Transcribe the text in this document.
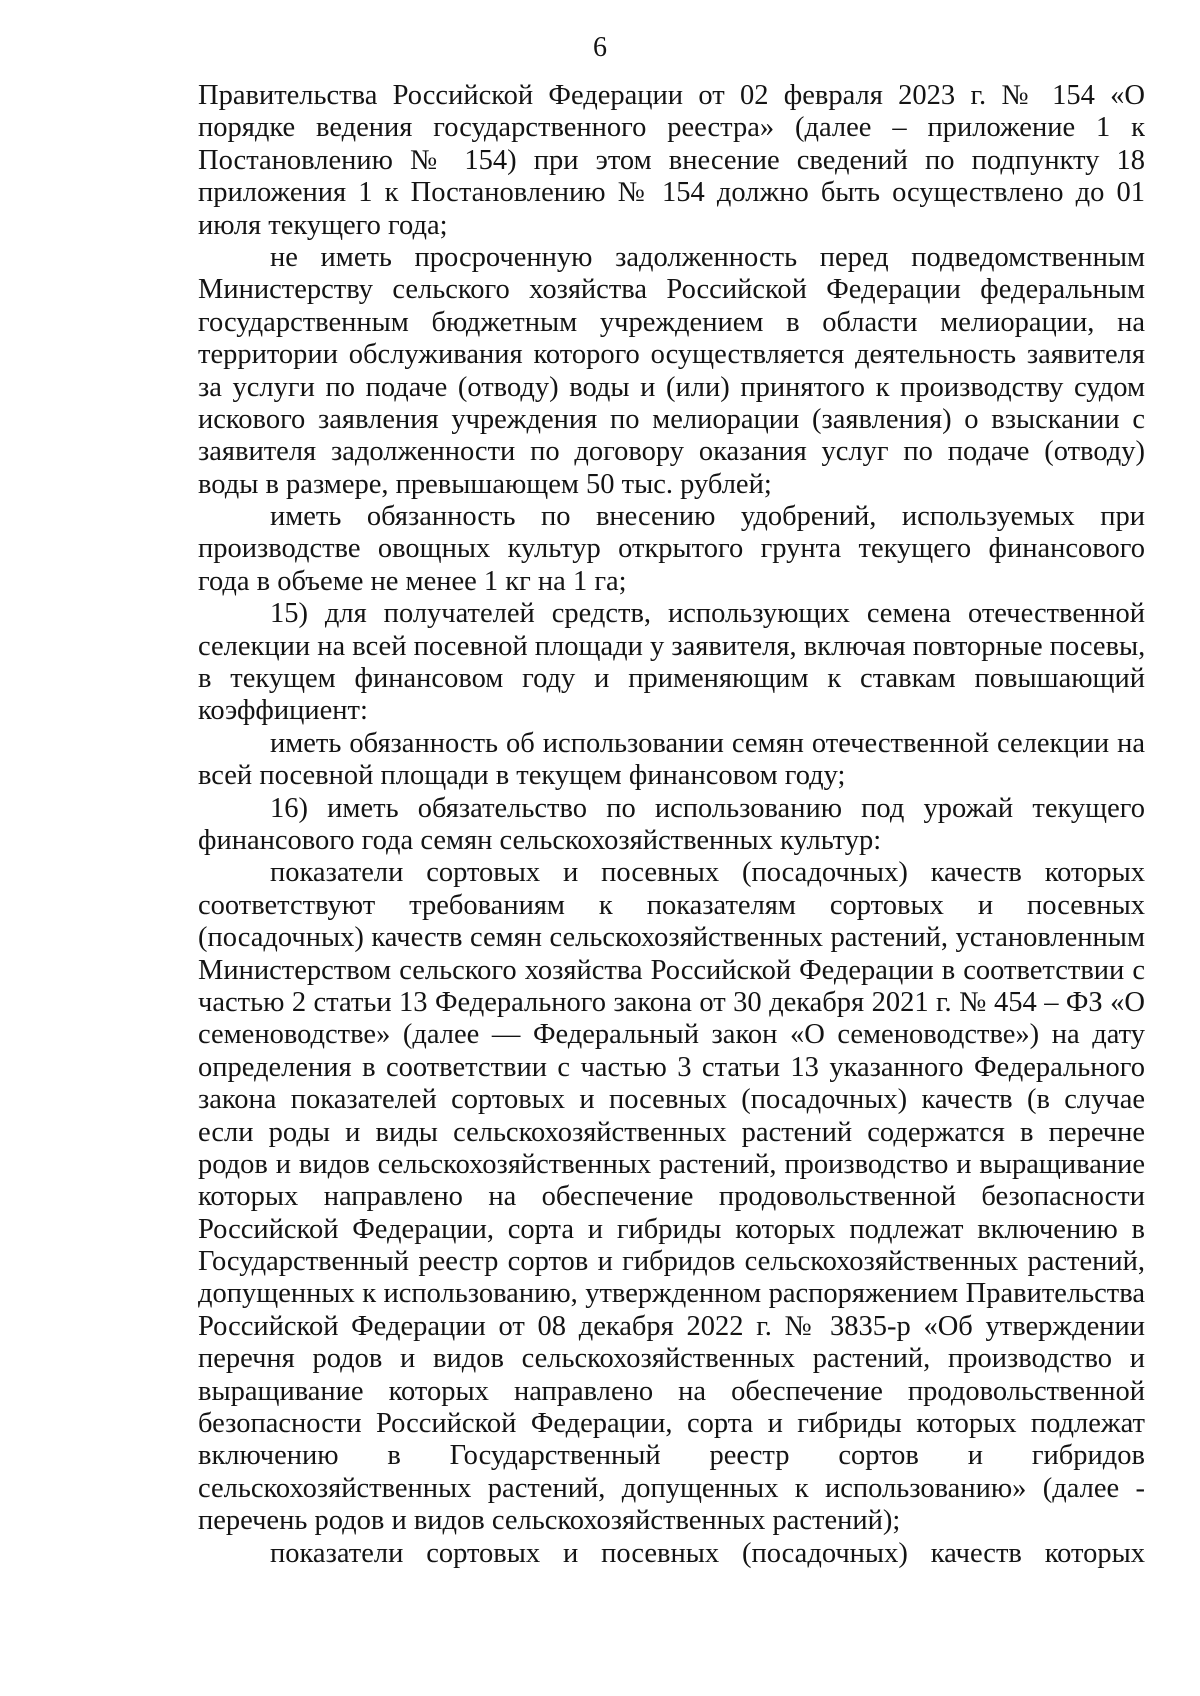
6
Правительства Российской Федерации от 02 февраля 2023 г. № 154 «О
порядке ведения государственного реестра» (далее – приложение 1 к
Постановлению № 154) при этом внесение сведений по подпункту 18
приложения 1 к Постановлению № 154 должно быть осуществлено до 01
июля текущего года;
не иметь просроченную задолженность перед подведомственным
Министерству сельского хозяйства Российской Федерации федеральным
государственным бюджетным учреждением в области мелиорации, на
территории обслуживания которого осуществляется деятельность заявителя
за услуги по подаче (отводу) воды и (или) принятого к производству судом
искового заявления учреждения по мелиорации (заявления) о взыскании с
заявителя задолженности по договору оказания услуг по подаче (отводу)
воды в размере, превышающем 50 тыс. рублей;
иметь обязанность по внесению удобрений, используемых при
производстве овощных культур открытого грунта текущего финансового
года в объеме не менее 1 кг на 1 га;
15) для получателей средств, использующих семена отечественной
селекции на всей посевной площади у заявителя, включая повторные посевы,
в текущем финансовом году и применяющим к ставкам повышающий
коэффициент:
иметь обязанность об использовании семян отечественной селекции на
всей посевной площади в текущем финансовом году;
16) иметь обязательство по использованию под урожай текущего
финансового года семян сельскохозяйственных культур:
показатели сортовых и посевных (посадочных) качеств которых
соответствуют требованиям к показателям сортовых и посевных
(посадочных) качеств семян сельскохозяйственных растений, установленным
Министерством сельского хозяйства Российской Федерации в соответствии с
частью 2 статьи 13 Федерального закона от 30 декабря 2021 г. № 454 – ФЗ «О
семеноводстве» (далее — Федеральный закон «О семеноводстве») на дату
определения в соответствии с частью 3 статьи 13 указанного Федерального
закона показателей сортовых и посевных (посадочных) качеств (в случае
если роды и виды сельскохозяйственных растений содержатся в перечне
родов и видов сельскохозяйственных растений, производство и выращивание
которых направлено на обеспечение продовольственной безопасности
Российской Федерации, сорта и гибриды которых подлежат включению в
Государственный реестр сортов и гибридов сельскохозяйственных растений,
допущенных к использованию, утвержденном распоряжением Правительства
Российской Федерации от 08 декабря 2022 г. № 3835-р «Об утверждении
перечня родов и видов сельскохозяйственных растений, производство и
выращивание которых направлено на обеспечение продовольственной
безопасности Российской Федерации, сорта и гибриды которых подлежат
включению в Государственный реестр сортов и гибридов
сельскохозяйственных растений, допущенных к использованию» (далее -
перечень родов и видов сельскохозяйственных растений);
показатели сортовых и посевных (посадочных) качеств которых
